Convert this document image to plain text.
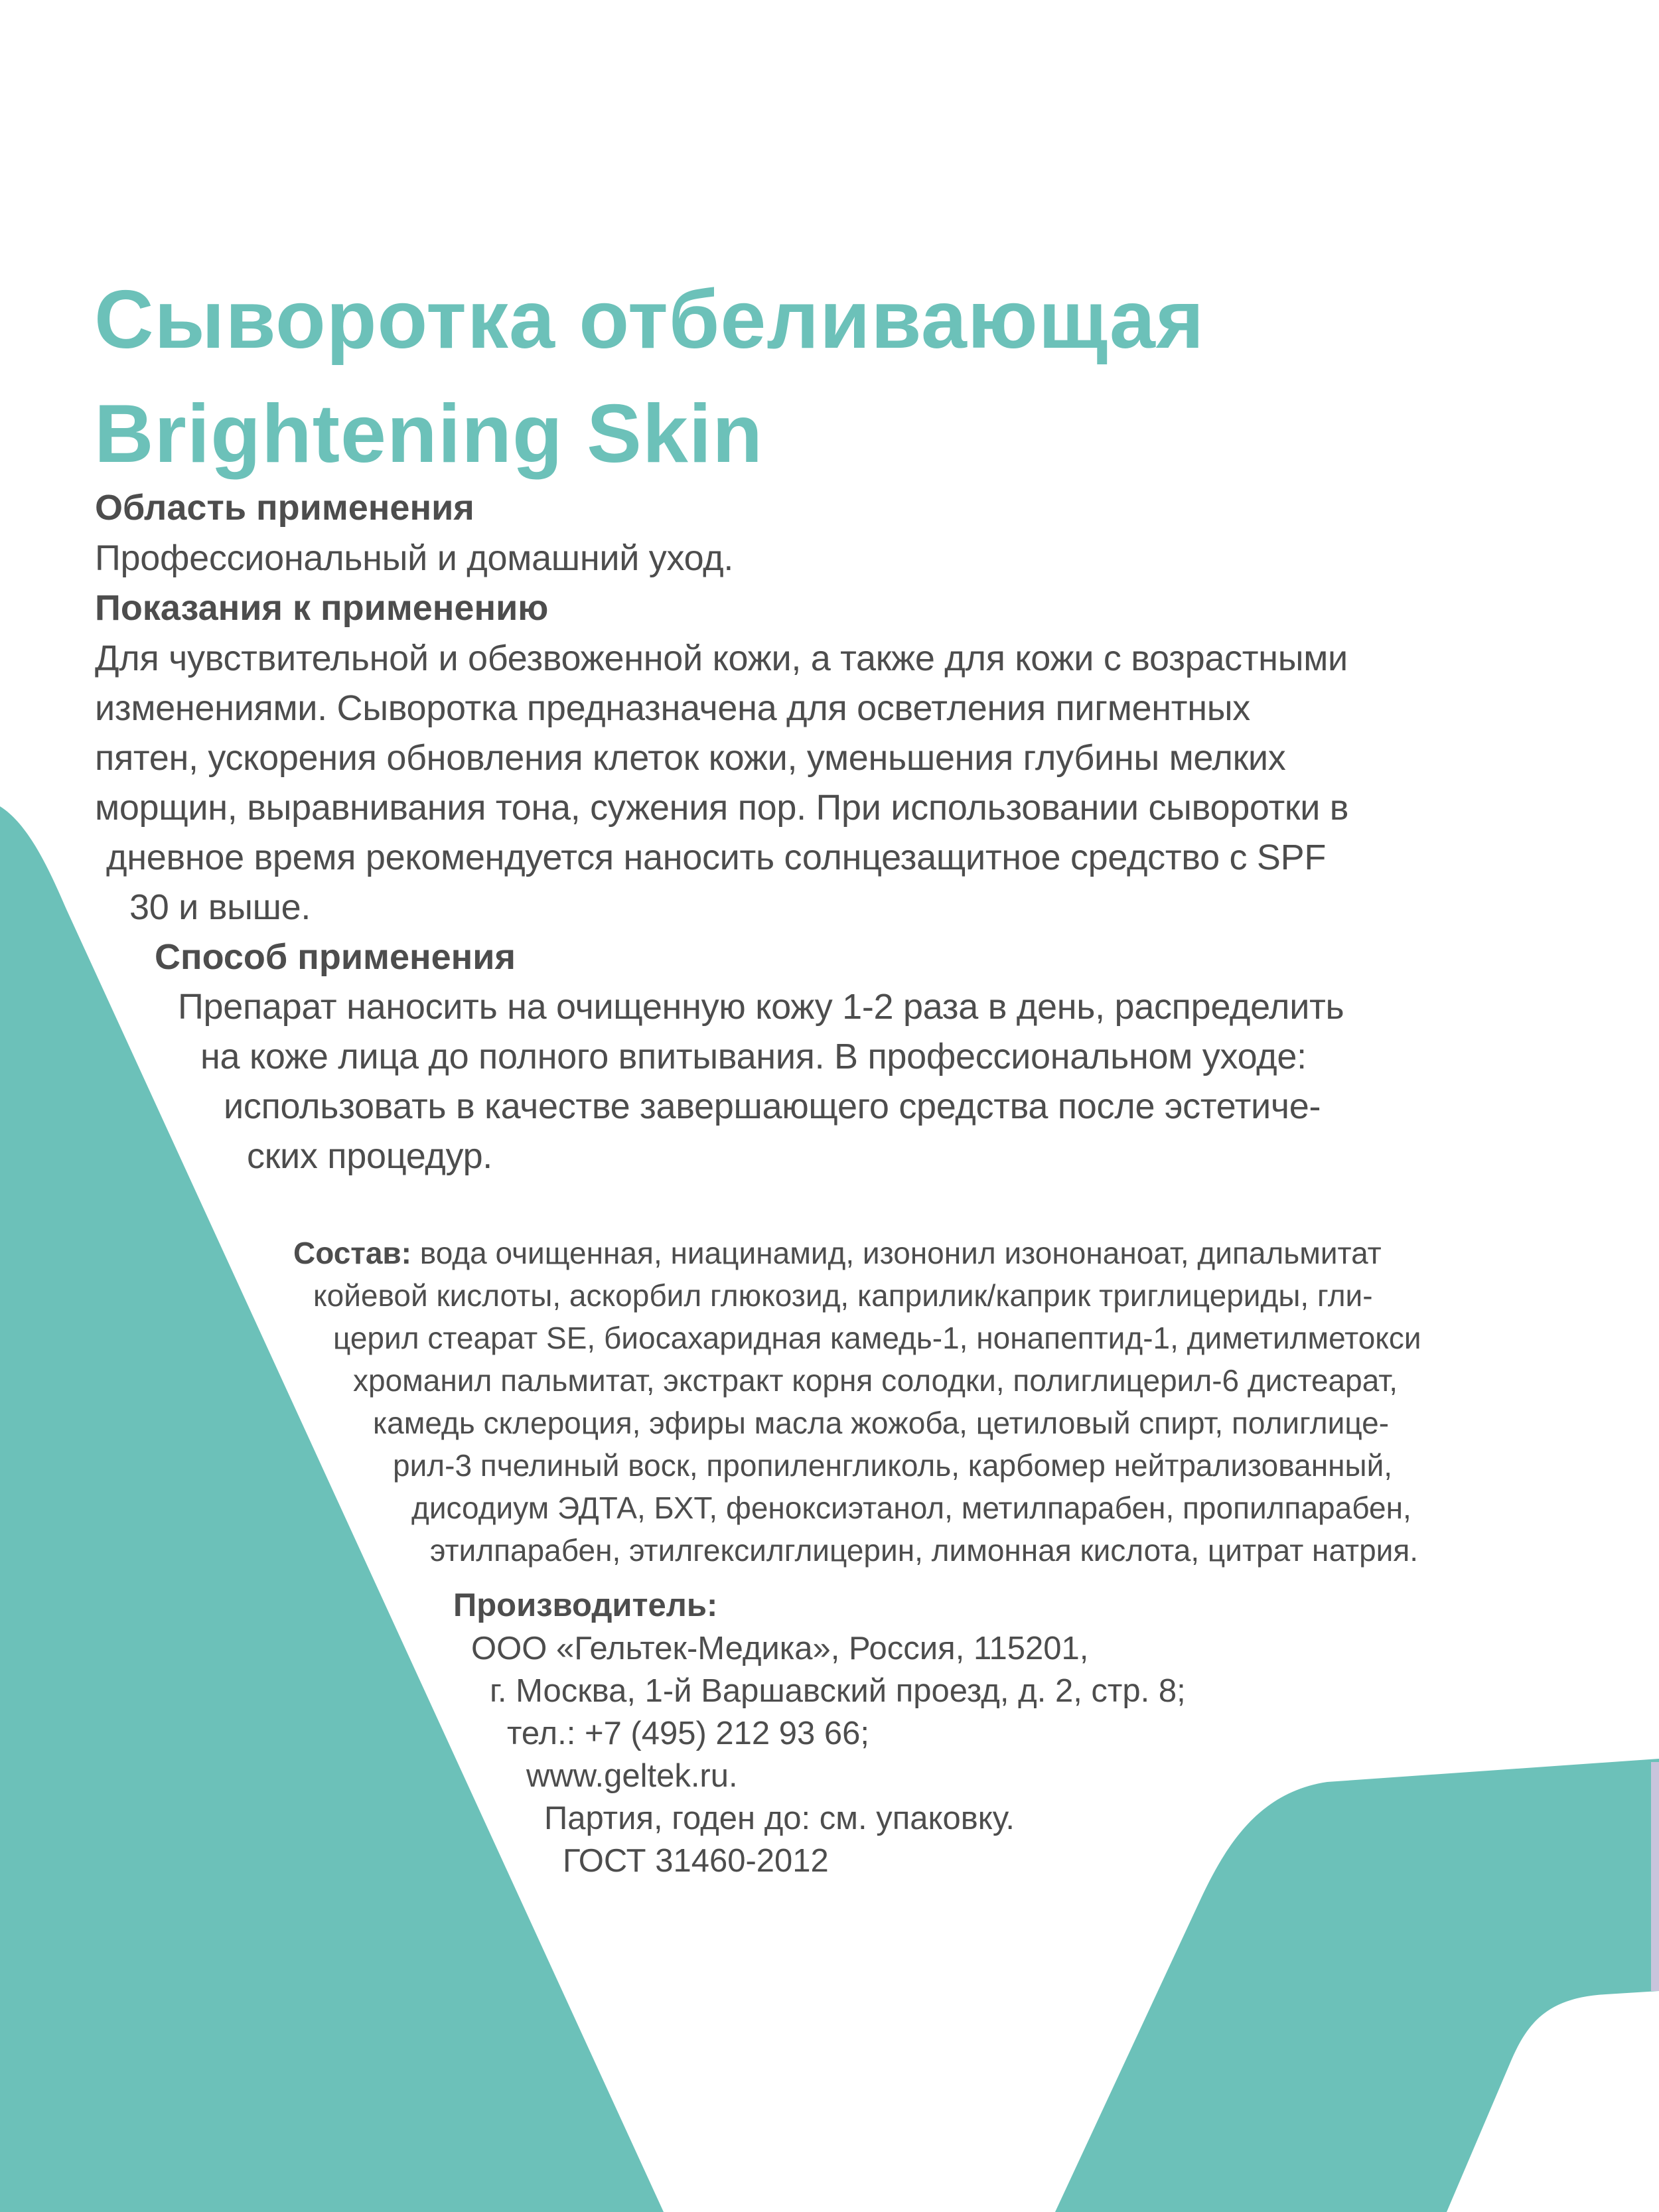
Сыворотка отбеливающая
Brightening Skin
Область применения
Профессиональный и домашний уход.
Показания к применению
Для чувствительной и обезвоженной кожи, а также для кожи с возрастными
изменениями. Сыворотка предназначена для осветления пигментных
пятен, ускорения обновления клеток кожи, уменьшения глубины мелких
морщин, выравнивания тона, сужения пор. При использовании сыворотки в
дневное время рекомендуется наносить солнцезащитное средство с SPF
30 и выше.
Способ применения
Препарат наносить на очищенную кожу 1-2 раза в день, распределить
на коже лица до полного впитывания. В профессиональном уходе:
использовать в качестве завершающего средства после эстетиче-
ских процедур.
Состав: вода очищенная, ниацинамид, изононил изононаноат, дипальмитат
койевой кислоты, аскорбил глюкозид, каприлик/каприк триглицериды, гли-
церил стеарат SE, биосахаридная камедь-1, нонапептид-1, диметилметокси
хроманил пальмитат, экстракт корня солодки, полиглицерил-6 дистеарат,
камедь склероция, эфиры масла жожоба, цетиловый спирт, полиглице-
рил-3 пчелиный воск, пропиленгликоль, карбомер нейтрализованный,
дисодиум ЭДТА, БХТ, феноксиэтанол, метилпарабен, пропилпарабен,
этилпарабен, этилгексилглицерин, лимонная кислота, цитрат натрия.
Производитель:
ООО «Гельтек-Медика», Россия, 115201,
г. Москва, 1-й Варшавский проезд, д. 2, стр. 8;
тел.: +7 (495) 212 93 66;
www.geltek.ru.
Партия, годен до: см. упаковку.
ГОСТ 31460-2012
